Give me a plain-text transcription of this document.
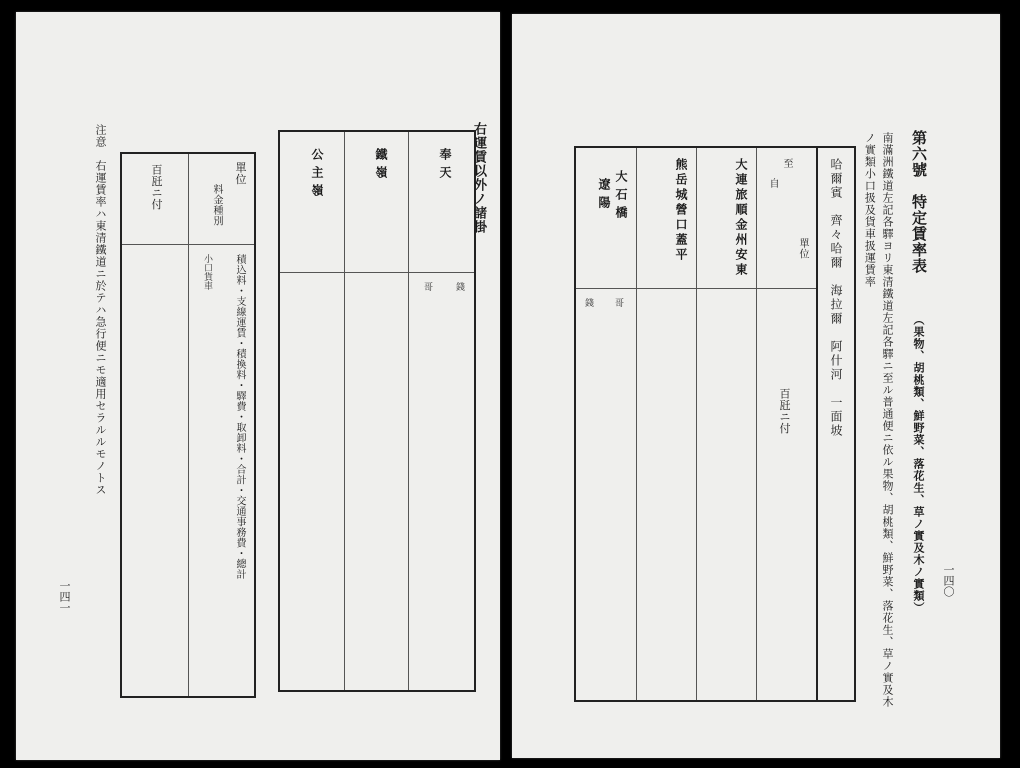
右運賃以外ノ諸掛
奉天
鐵嶺
公主嶺
錢
哥
單位
料金種別
百瓩ニ付
積込料・支線運賃・積換料・驛費・取卸料・合計・交通事務費・總計
小口貨車
注意　右運賃率ハ東清鐵道ニ於テハ急行便ニモ適用セラルルモノトス
一四一
第六號　特定賃率表
（果物、胡桃類、鮮野菜、落花生、草ノ實及木ノ實類）
南滿洲鐵道左記各驛ヨリ東清鐵道左記各驛ニ至ル普通便ニ依ル果物、胡桃類、鮮野菜、落花生、草ノ實及木ノ實類小口扱及貨車扱運賃率
至
自
單位
百瓩ニ付
大連旅順金州安東
熊岳城營口蓋平
大石橋
遼陽
錢 哥
哈爾賓　齊々哈爾　海拉爾　阿什河　一面坡
一四〇
